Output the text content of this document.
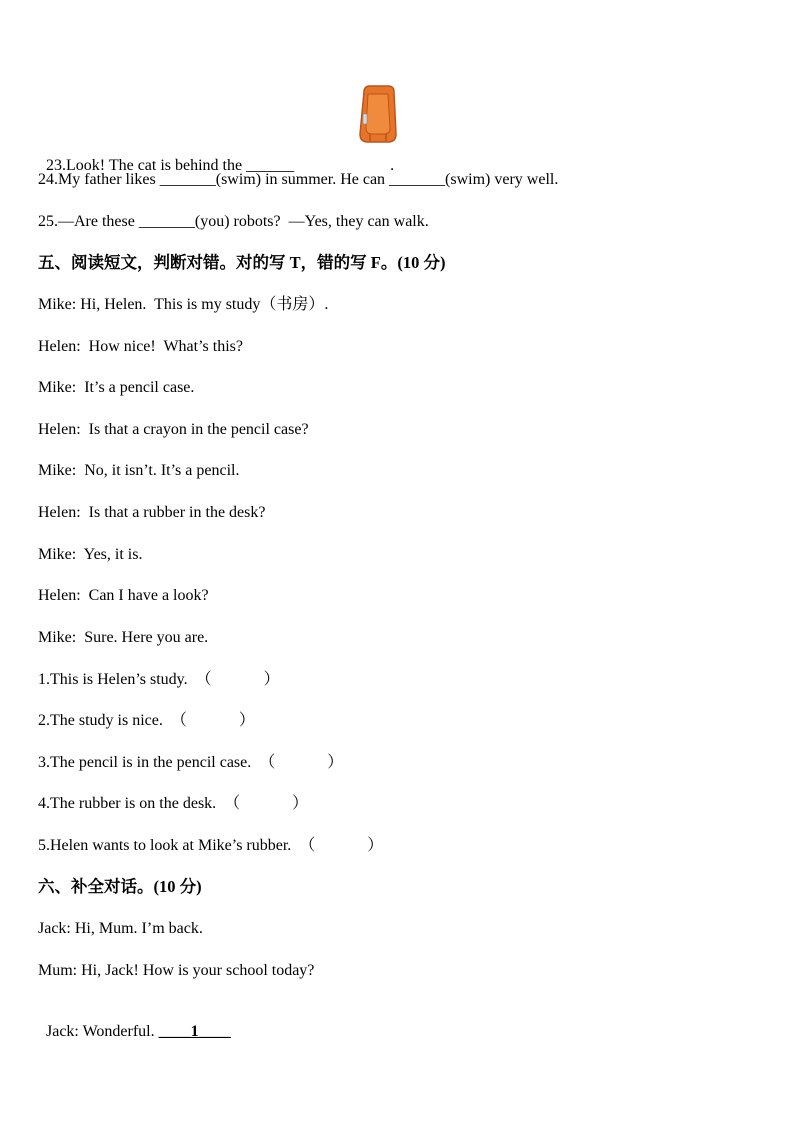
23.Look! The cat is behind the ______	.

24.My father likes _______(swim) in summer. He can _______(swim) very well.
25.—Are these _______(you) robots?  —Yes, they can walk.
五、阅读短文，判断对错。对的写 T，错的写 F。(10 分)
Mike: Hi, Helen.  This is my study（书房）.
Helen:  How nice!  What’s this?
Mike:  It’s a pencil case.
Helen:  Is that a crayon in the pencil case?
Mike:  No, it isn’t. It’s a pencil.
Helen:  Is that a rubber in the desk?
Mike:  Yes, it is.
Helen:  Can I have a look?
Mike:  Sure. Here you are.
1.This is Helen’s study.  （             ）
2.The study is nice.  （             ）
3.The pencil is in the pencil case.  （             ）
4.The rubber is on the desk.  （             ）
5.Helen wants to look at Mike’s rubber.  （             ）
六、补全对话。(10 分)
Jack: Hi, Mum. I’m back.
Mum: Hi, Jack! How is your school today?

Jack: Wonderful. ____1____
